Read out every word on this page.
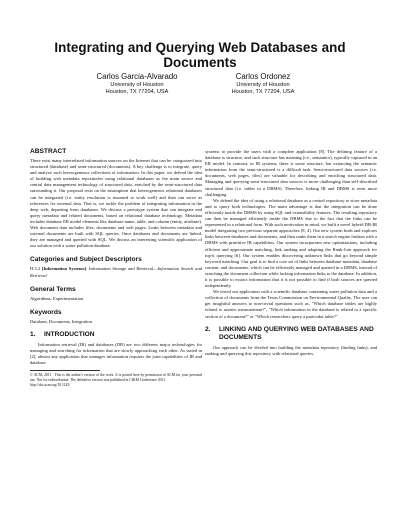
Integrating and Querying Web Databases and Documents
Carlos Garcia-Alvarado
University of Houston
Houston, TX 77204, USA
Carlos Ordonez
University of Houston
Houston, TX 77204, USA
ABSTRACT

There exist many interrelated information sources on the Internet that can be categorized into structured (database) and semi-structured (documents). A key challenge is to integrate, query and analyze such heterogeneous collections of information. In this paper, we defend the idea of building web metadata repositories using relational databases as the main source and central data management technology of structured data, enriched by the semi-structured data surrounding it. Our proposal rests on the assumption that heterogeneous relational databases can be integrated (i.e. entity resolution is assumed to work well) and then can serve as references for external data. That is, we tackle the problem of integrating information in the deep web, departing from databases. We discuss a prototype system that can integrate and query metadata and related documents, based on relational database technology. Metadata includes database ER model elements like database name, table, and column (entity, attribute). Web document data includes files, documents and web pages. Links between metadata and external documents are built with SQL queries. Once databases and documents are linked, they are managed and queried with SQL. We discuss an interesting scientific application of our solution with a water pollution database.

Categories and Subject Descriptors

H.3.2 [Information Systems]: Information Storage and Retrieval—Information Search and Retrieval

General Terms

Algorithms, Experimentation

Keywords

Database, Documents, Integration

1.	INTRODUCTION

Information retrieval (IR) and databases (DB) are two different major technologies for managing and searching for information that are slowly approaching each other. As stated in [2], almost any application that manages information requires the joint capabilities of IR and database

© ACM, 2011 . This is the author's version of the work. It is posted here by permission of ACM for your personal use. Not for redistribution. The definitive version was published in CIKM Conference 2011.

http://doi.acm.org/10.1145/

systems to provide the users with a complete application [8]. The defining feature of a database is structure, and such structure has meaning (i.e., semantics), typically captured in an ER model. In contrast, in IR systems, there is some structure, but extracting the semantic information from the semi-structured is a difficult task. Semi-structured data sources (i.e. documents, web pages, files) are valuable for describing and enriching structured data. Managing and querying semi-structured data sources is more challenging than self-described structured data (i.e. tables in a DBMS). Therefore, linking IR and DBMS is even more challenging.

We defend the idea of using a relational database as a central repository to store metadata and to query both technologies. The main advantage is that the integration can be done efficiently inside the DBMS by using SQL and extensibility features. The resulting repository can then be managed efficiently inside the DBMS due to the fact that the links can be represented in a relational form. With such motivation in mind, we built a novel hybrid DB-IR model integrating two previous separate approaches [8, 4]. Our new system finds and explores links between databases and documents, and then ranks them in a search engine fashion with a DBMS with primitive IR capabilities. Our system incorporates new optimizations, including efficient and approximate matching, link ranking and adapting the Rank-Join approach for top-k querying [6]. Our system enables discovering unknown links that go beyond simple keyword matching. Our goal is to find a core set of links between database metadata, database content, and documents, which can be efficiently managed and queried in a DBMS, instead of searching the document collection while lacking information links to the database. In addition, it is possible to extract information that it is not possible to find if both sources are queried independently.

We tested our application with a scientific database containing water pollution data and a collection of documents from the Texas Commission on Environmental Quality. The user can get insightful answers to non-trivial questions such as, "Which database tables are highly related to arsenic measurement?", "Which information in the database is related to a specific section of a document?" or "Which researchers query a particular table?"

2.	LINKING AND QUERYING WEB DATABASES AND DOCUMENTS

Our approach can be divided into building the metadata repository (finding links), and ranking and querying this repository with relational queries.
